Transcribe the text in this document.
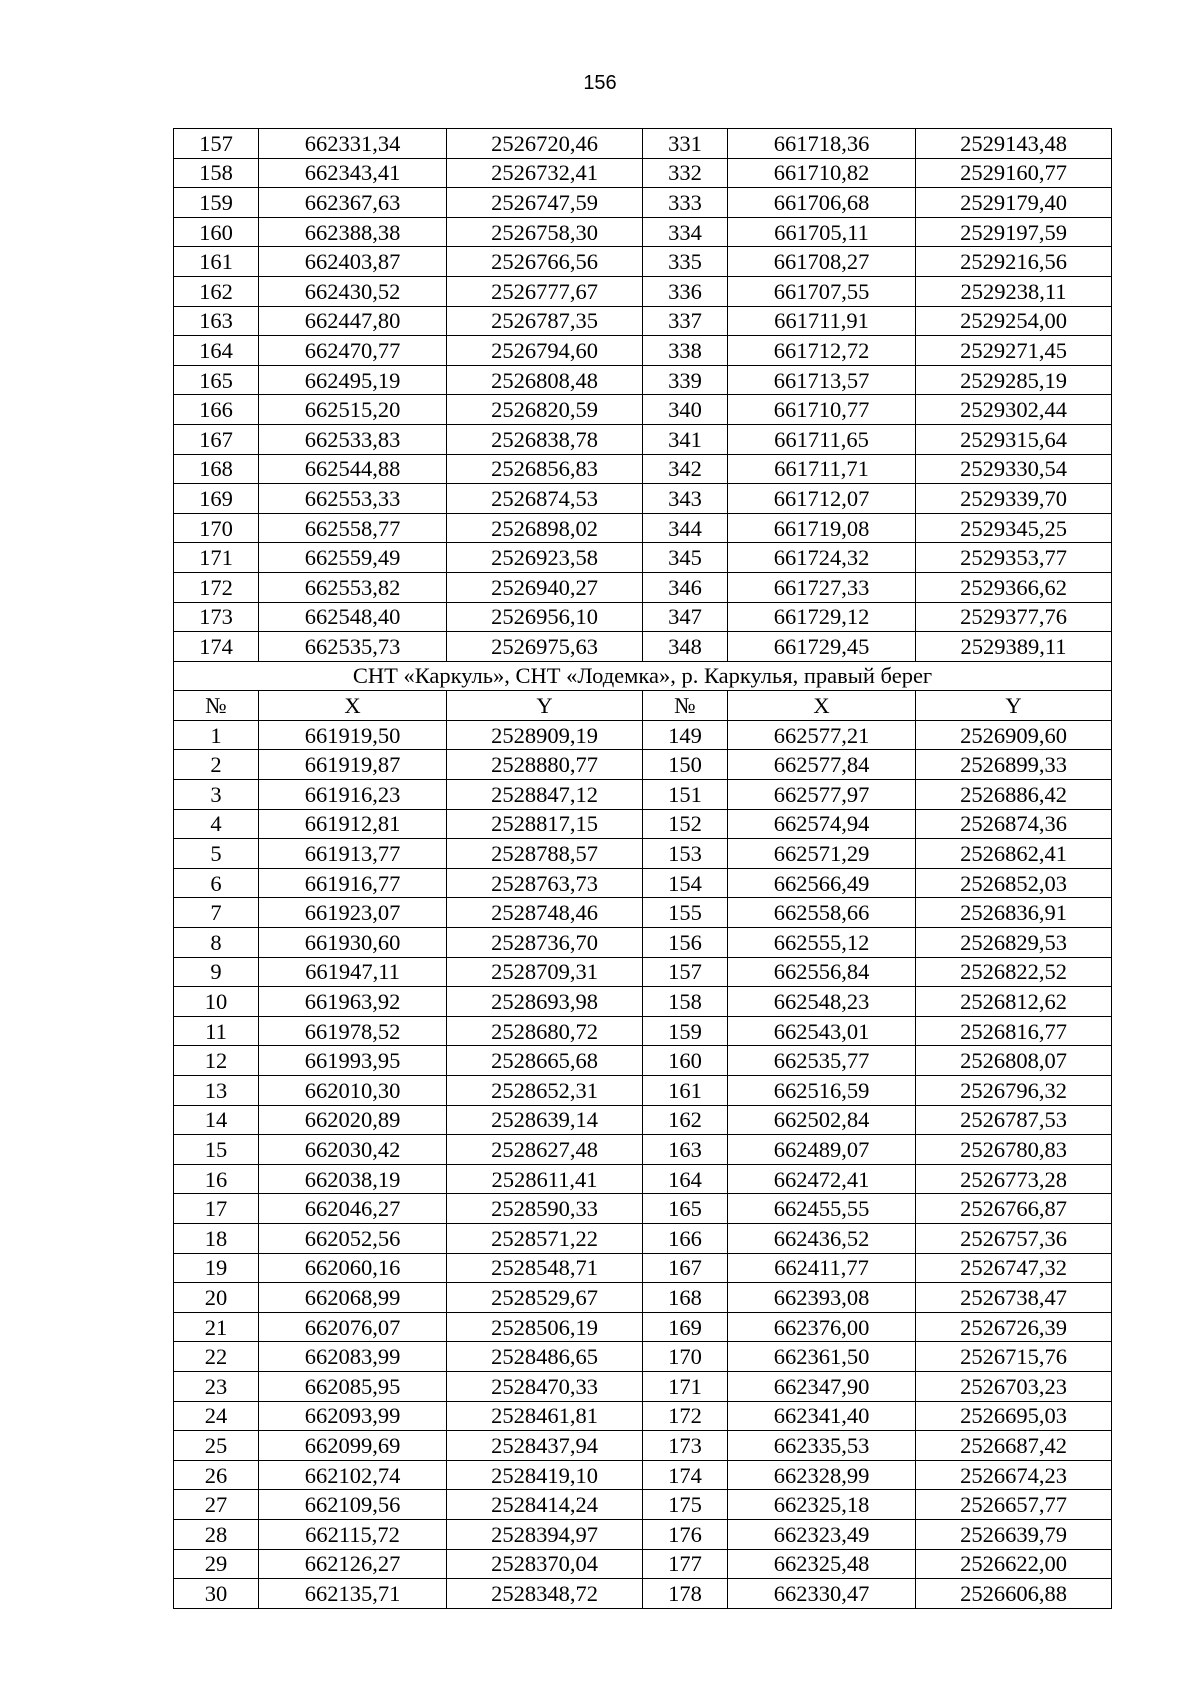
156
157	662331,34	2526720,46	331	661718,36	2529143,48
158	662343,41	2526732,41	332	661710,82	2529160,77
159	662367,63	2526747,59	333	661706,68	2529179,40
160	662388,38	2526758,30	334	661705,11	2529197,59
161	662403,87	2526766,56	335	661708,27	2529216,56
162	662430,52	2526777,67	336	661707,55	2529238,11
163	662447,80	2526787,35	337	661711,91	2529254,00
164	662470,77	2526794,60	338	661712,72	2529271,45
165	662495,19	2526808,48	339	661713,57	2529285,19
166	662515,20	2526820,59	340	661710,77	2529302,44
167	662533,83	2526838,78	341	661711,65	2529315,64
168	662544,88	2526856,83	342	661711,71	2529330,54
169	662553,33	2526874,53	343	661712,07	2529339,70
170	662558,77	2526898,02	344	661719,08	2529345,25
171	662559,49	2526923,58	345	661724,32	2529353,77
172	662553,82	2526940,27	346	661727,33	2529366,62
173	662548,40	2526956,10	347	661729,12	2529377,76
174	662535,73	2526975,63	348	661729,45	2529389,11
СНТ «Каркуль», СНТ «Лодемка», р. Каркулья, правый берег					
№	X	Y	№	X	Y
1	661919,50	2528909,19	149	662577,21	2526909,60
2	661919,87	2528880,77	150	662577,84	2526899,33
3	661916,23	2528847,12	151	662577,97	2526886,42
4	661912,81	2528817,15	152	662574,94	2526874,36
5	661913,77	2528788,57	153	662571,29	2526862,41
6	661916,77	2528763,73	154	662566,49	2526852,03
7	661923,07	2528748,46	155	662558,66	2526836,91
8	661930,60	2528736,70	156	662555,12	2526829,53
9	661947,11	2528709,31	157	662556,84	2526822,52
10	661963,92	2528693,98	158	662548,23	2526812,62
11	661978,52	2528680,72	159	662543,01	2526816,77
12	661993,95	2528665,68	160	662535,77	2526808,07
13	662010,30	2528652,31	161	662516,59	2526796,32
14	662020,89	2528639,14	162	662502,84	2526787,53
15	662030,42	2528627,48	163	662489,07	2526780,83
16	662038,19	2528611,41	164	662472,41	2526773,28
17	662046,27	2528590,33	165	662455,55	2526766,87
18	662052,56	2528571,22	166	662436,52	2526757,36
19	662060,16	2528548,71	167	662411,77	2526747,32
20	662068,99	2528529,67	168	662393,08	2526738,47
21	662076,07	2528506,19	169	662376,00	2526726,39
22	662083,99	2528486,65	170	662361,50	2526715,76
23	662085,95	2528470,33	171	662347,90	2526703,23
24	662093,99	2528461,81	172	662341,40	2526695,03
25	662099,69	2528437,94	173	662335,53	2526687,42
26	662102,74	2528419,10	174	662328,99	2526674,23
27	662109,56	2528414,24	175	662325,18	2526657,77
28	662115,72	2528394,97	176	662323,49	2526639,79
29	662126,27	2528370,04	177	662325,48	2526622,00
30	662135,71	2528348,72	178	662330,47	2526606,88
